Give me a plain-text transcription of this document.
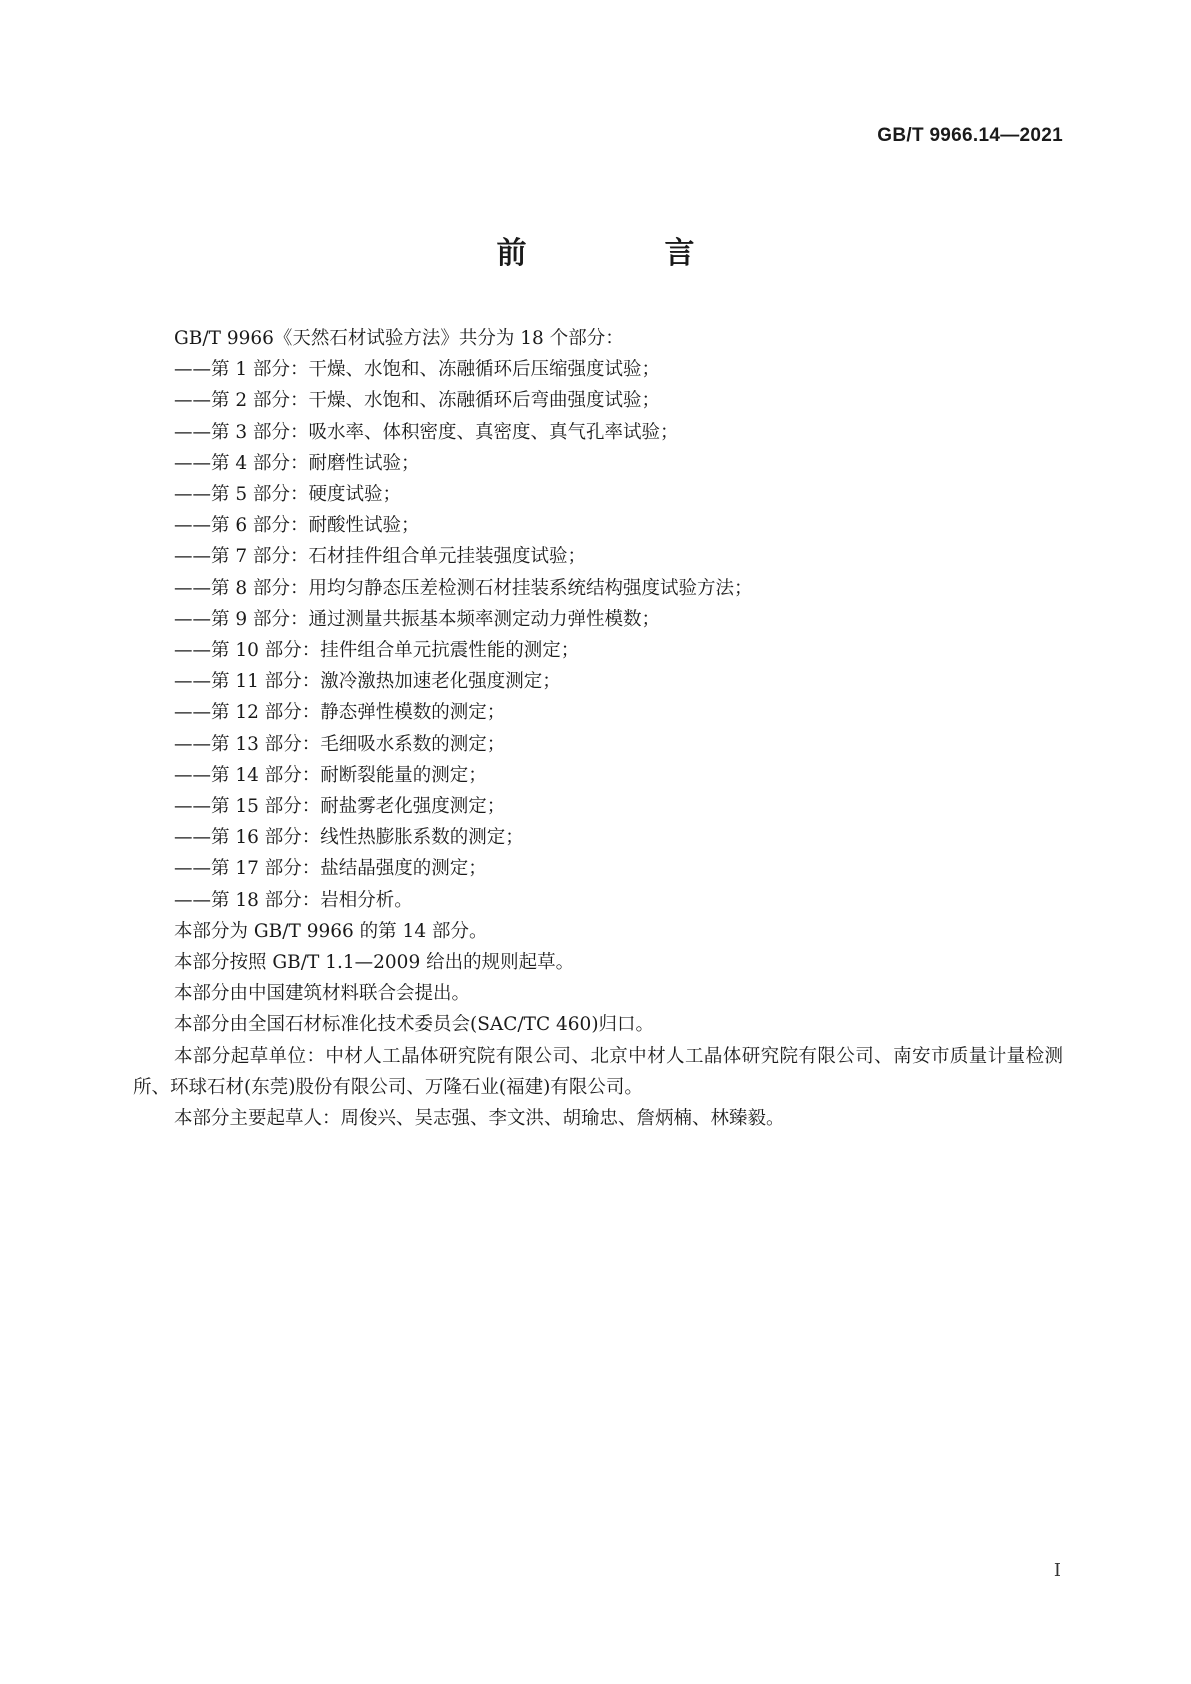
GB/T 9966.14—2021
前　言

GB/T 9966《天然石材试验方法》共分为 18 个部分：

——第 1 部分：干燥、水饱和、冻融循环后压缩强度试验；

——第 2 部分：干燥、水饱和、冻融循环后弯曲强度试验；

——第 3 部分：吸水率、体积密度、真密度、真气孔率试验；

——第 4 部分：耐磨性试验；

——第 5 部分：硬度试验；

——第 6 部分：耐酸性试验；

——第 7 部分：石材挂件组合单元挂装强度试验；

——第 8 部分：用均匀静态压差检测石材挂装系统结构强度试验方法；

——第 9 部分：通过测量共振基本频率测定动力弹性模数；

——第 10 部分：挂件组合单元抗震性能的测定；

——第 11 部分：激冷激热加速老化强度测定；

——第 12 部分：静态弹性模数的测定；

——第 13 部分：毛细吸水系数的测定；

——第 14 部分：耐断裂能量的测定；

——第 15 部分：耐盐雾老化强度测定；

——第 16 部分：线性热膨胀系数的测定；

——第 17 部分：盐结晶强度的测定；

——第 18 部分：岩相分析。

本部分为 GB/T 9966 的第 14 部分。

本部分按照 GB/T 1.1—2009 给出的规则起草。

本部分由中国建筑材料联合会提出。

本部分由全国石材标准化技术委员会(SAC/TC 460)归口。

本部分起草单位：中材人工晶体研究院有限公司、北京中材人工晶体研究院有限公司、南安市质量计量检测所、环球石材(东莞)股份有限公司、万隆石业(福建)有限公司。

本部分主要起草人：周俊兴、吴志强、李文洪、胡瑜忠、詹炳楠、林臻毅。

I
